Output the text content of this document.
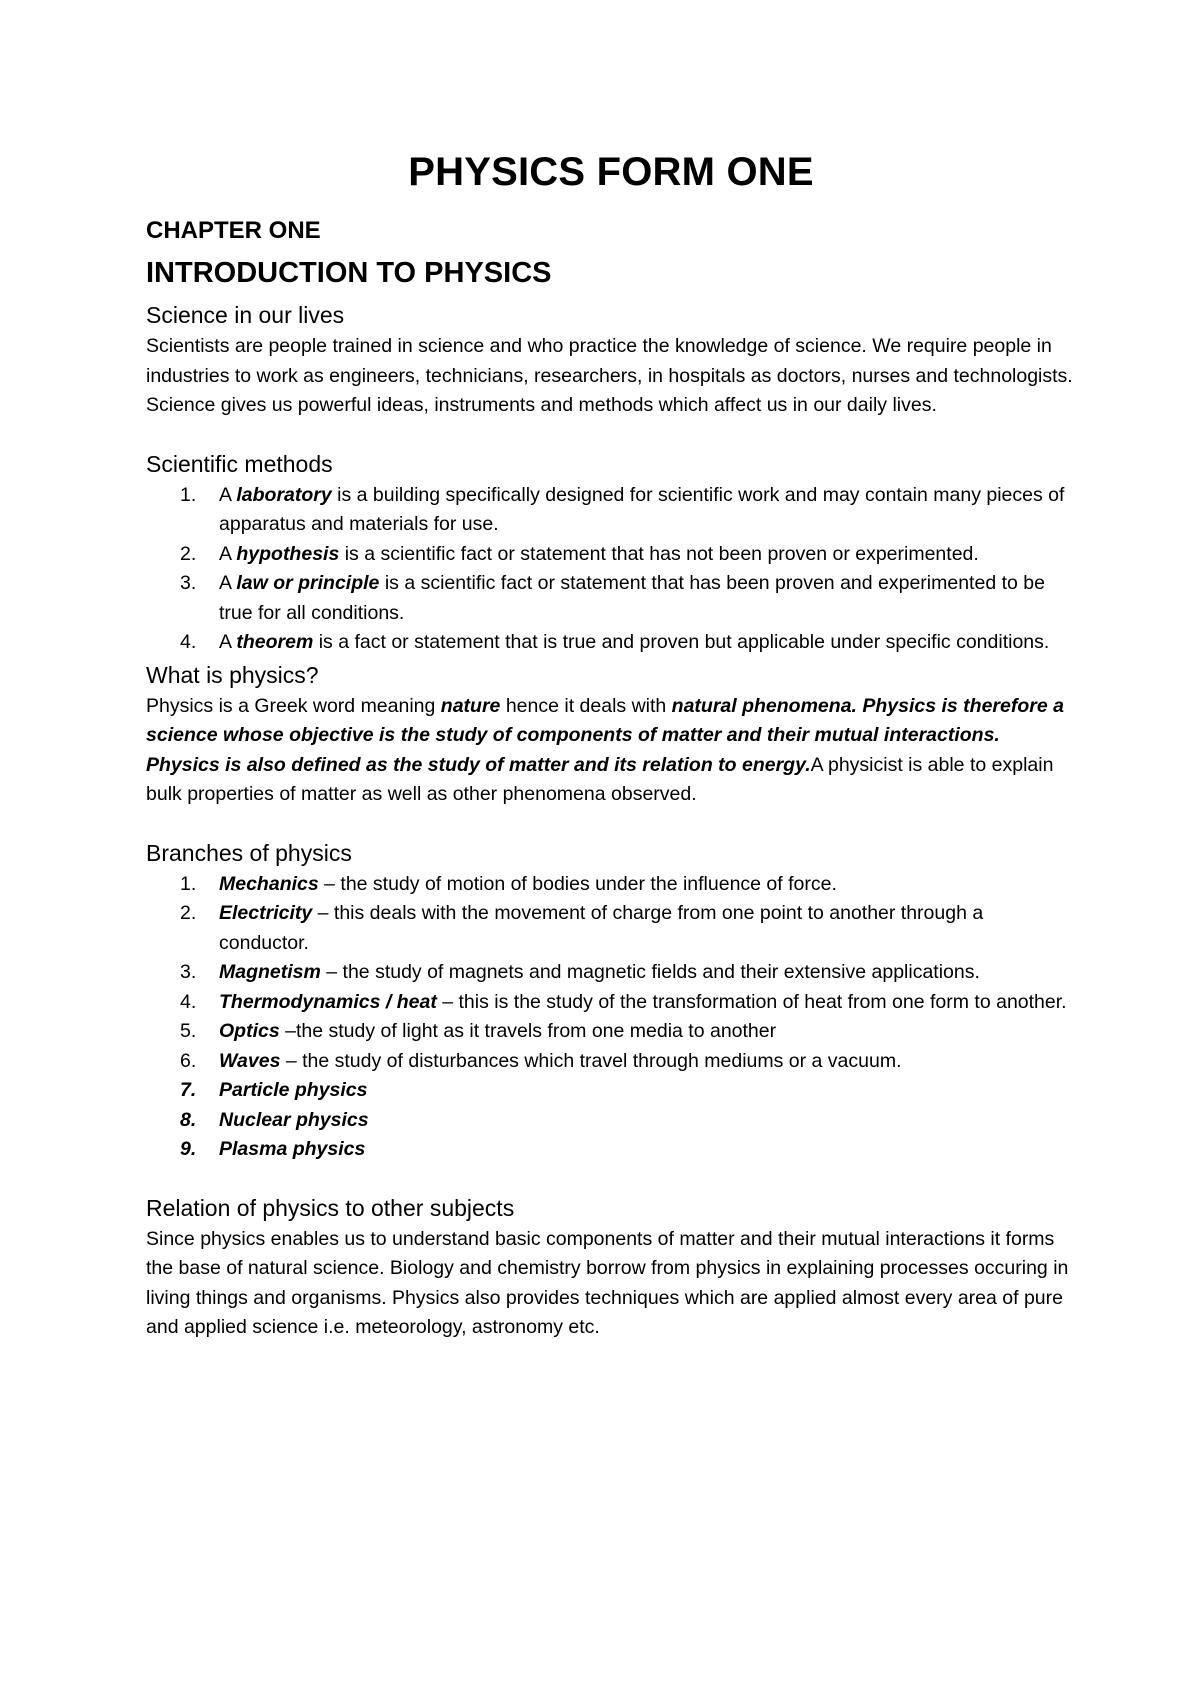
PHYSICS FORM ONE
CHAPTER ONE
INTRODUCTION TO PHYSICS
Science in our lives

Scientists are people trained in science and who practice the knowledge of science. We require people in industries to work as engineers, technicians, researchers, in hospitals as doctors, nurses and technologists. Science gives us powerful ideas, instruments and methods which affect us in our daily lives.

Scientific methods
1. A laboratory is a building specifically designed for scientific work and may contain many pieces of apparatus and materials for use.
2. A hypothesis is a scientific fact or statement that has not been proven or experimented.
3. A law or principle is a scientific fact or statement that has been proven and experimented to be true for all conditions.
4. A theorem is a fact or statement that is true and proven but applicable under specific conditions.
What is physics?

Physics is a Greek word meaning nature hence it deals with natural phenomena. Physics is therefore a science whose objective is the study of components of matter and their mutual interactions. Physics is also defined as the study of matter and its relation to energy.A physicist is able to explain bulk properties of matter as well as other phenomena observed.

Branches of physics
1. Mechanics – the study of motion of bodies under the influence of force.
2. Electricity – this deals with the movement of charge from one point to another through a conductor.
3. Magnetism – the study of magnets and magnetic fields and their extensive applications.
4. Thermodynamics / heat – this is the study of the transformation of heat from one form to another.
5. Optics –the study of light as it travels from one media to another
6. Waves – the study of disturbances which travel through mediums or a vacuum.
7. Particle physics
8. Nuclear physics
9. Plasma physics
Relation of physics to other subjects

Since physics enables us to understand basic components of matter and their mutual interactions it forms the base of natural science. Biology and chemistry borrow from physics in explaining processes occuring in living things and organisms. Physics also provides techniques which are applied almost every area of pure and applied science i.e. meteorology, astronomy etc.
